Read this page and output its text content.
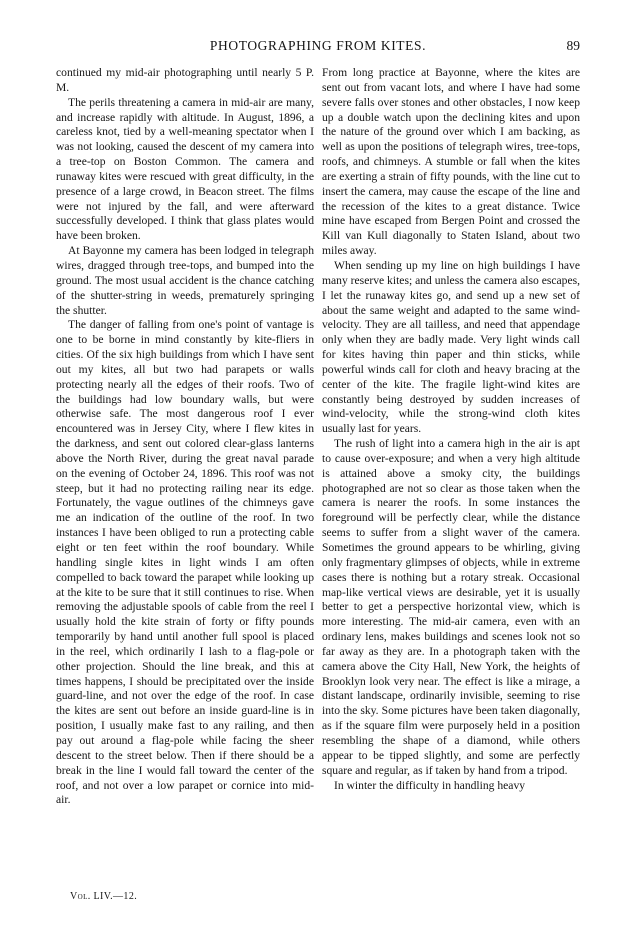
PHOTOGRAPHING FROM KITES.	89

continued my mid-air photographing until nearly 5 P. M.

The perils threatening a camera in mid-air are many, and increase rapidly with altitude. In August, 1896, a careless knot, tied by a well-meaning spectator when I was not looking, caused the descent of my camera into a tree-top on Boston Common. The camera and runaway kites were rescued with great difficulty, in the presence of a large crowd, in Beacon street. The films were not injured by the fall, and were afterward successfully developed. I think that glass plates would have been broken.

At Bayonne my camera has been lodged in telegraph wires, dragged through tree-tops, and bumped into the ground. The most usual accident is the chance catching of the shutter-string in weeds, prematurely springing the shutter.

The danger of falling from one's point of vantage is one to be borne in mind constantly by kite-fliers in cities. Of the six high buildings from which I have sent out my kites, all but two had parapets or walls protecting nearly all the edges of their roofs. Two of the buildings had low boundary walls, but were otherwise safe. The most dangerous roof I ever encountered was in Jersey City, where I flew kites in the darkness, and sent out colored clear-glass lanterns above the North River, during the great naval parade on the evening of October 24, 1896. This roof was not steep, but it had no protecting railing near its edge. Fortunately, the vague outlines of the chimneys gave me an indication of the outline of the roof. In two instances I have been obliged to run a protecting cable eight or ten feet within the roof boundary. While handling single kites in light winds I am often compelled to back toward the parapet while looking up at the kite to be sure that it still continues to rise. When removing the adjustable spools of cable from the reel I usually hold the kite strain of forty or fifty pounds temporarily by hand until another full spool is placed in the reel, which ordinarily I lash to a flag-pole or other projection. Should the line break, and this at times happens, I should be precipitated over the inside guard-line, and not over the edge of the roof. In case the kites are sent out before an inside guard-line is in position, I usually make fast to any railing, and then pay out around a flag-pole while facing the sheer descent to the street below. Then if there should be a break in the line I would fall toward the center of the roof, and not over a low parapet or cornice into mid-air.

From long practice at Bayonne, where the kites are sent out from vacant lots, and where I have had some severe falls over stones and other obstacles, I now keep up a double watch upon the declining kites and upon the nature of the ground over which I am backing, as well as upon the positions of telegraph wires, tree-tops, roofs, and chimneys. A stumble or fall when the kites are exerting a strain of fifty pounds, with the line cut to insert the camera, may cause the escape of the line and the recession of the kites to a great distance. Twice mine have escaped from Bergen Point and crossed the Kill van Kull diagonally to Staten Island, about two miles away.

When sending up my line on high buildings I have many reserve kites; and unless the camera also escapes, I let the runaway kites go, and send up a new set of about the same weight and adapted to the same wind-velocity. They are all tailless, and need that appendage only when they are badly made. Very light winds call for kites having thin paper and thin sticks, while powerful winds call for cloth and heavy bracing at the center of the kite. The fragile light-wind kites are constantly being destroyed by sudden increases of wind-velocity, while the strong-wind cloth kites usually last for years.

The rush of light into a camera high in the air is apt to cause over-exposure; and when a very high altitude is attained above a smoky city, the buildings photographed are not so clear as those taken when the camera is nearer the roofs. In some instances the foreground will be perfectly clear, while the distance seems to suffer from a slight waver of the camera. Sometimes the ground appears to be whirling, giving only fragmentary glimpses of objects, while in extreme cases there is nothing but a rotary streak. Occasional map-like vertical views are desirable, yet it is usually better to get a perspective horizontal view, which is more interesting. The mid-air camera, even with an ordinary lens, makes buildings and scenes look not so far away as they are. In a photograph taken with the camera above the City Hall, New York, the heights of Brooklyn look very near. The effect is like a mirage, a distant landscape, ordinarily invisible, seeming to rise into the sky. Some pictures have been taken diagonally, as if the square film were purposely held in a position resembling the shape of a diamond, while others appear to be tipped slightly, and some are perfectly square and regular, as if taken by hand from a tripod.

In winter the difficulty in handling heavy

Vol. LIV.—12.
